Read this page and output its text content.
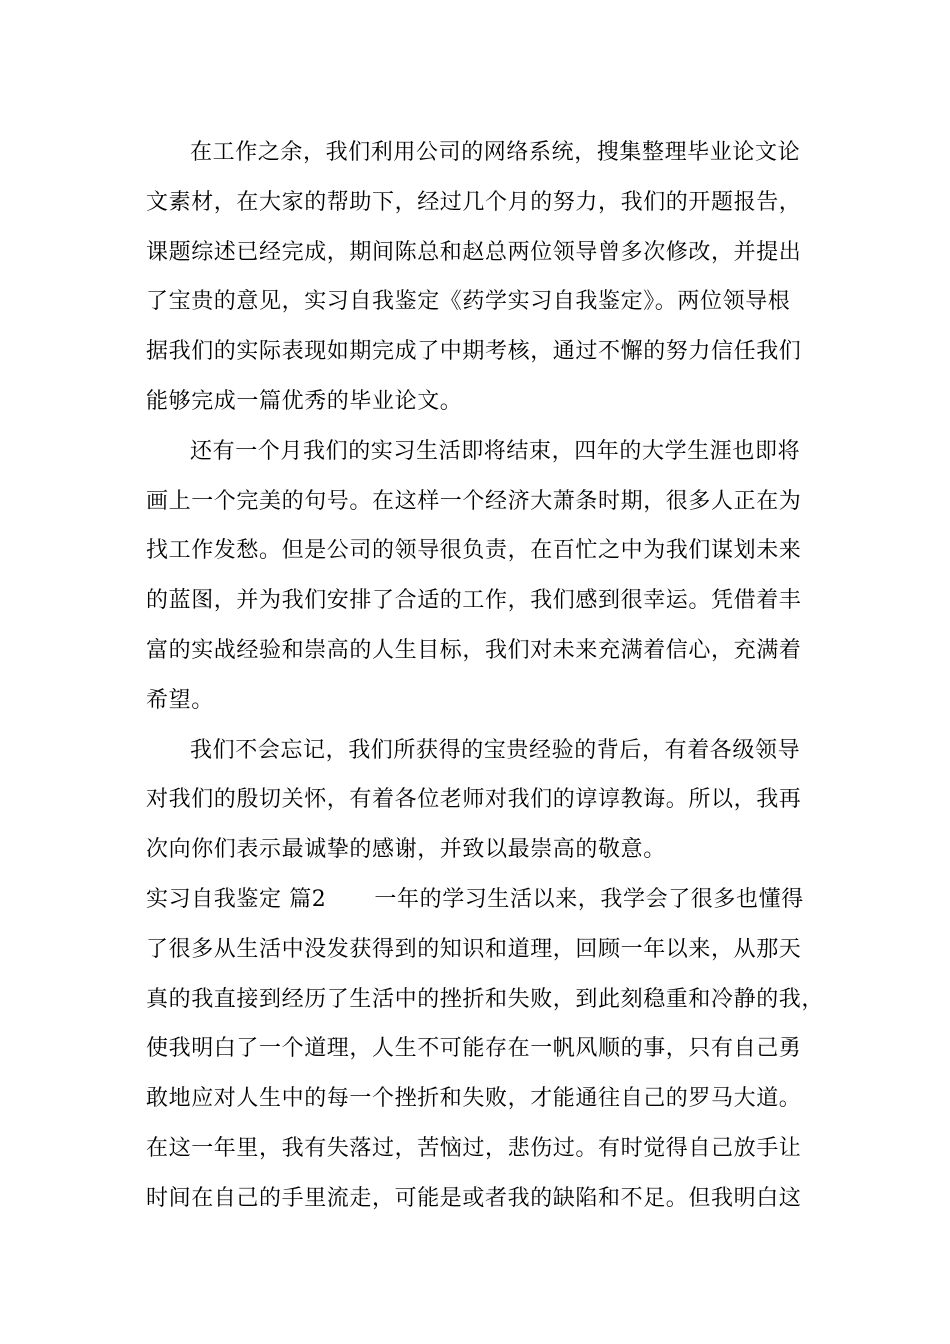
在工作之余，我们利用公司的网络系统，搜集整理毕业论文论
文素材，在大家的帮助下，经过几个月的努力，我们的开题报告，
课题综述已经完成，期间陈总和赵总两位领导曾多次修改，并提出
了宝贵的意见，实习自我鉴定《药学实习自我鉴定》。两位领导根
据我们的实际表现如期完成了中期考核，通过不懈的努力信任我们
能够完成一篇优秀的毕业论文。
还有一个月我们的实习生活即将结束，四年的大学生涯也即将
画上一个完美的句号。在这样一个经济大萧条时期，很多人正在为
找工作发愁。但是公司的领导很负责，在百忙之中为我们谋划未来
的蓝图，并为我们安排了合适的工作，我们感到很幸运。凭借着丰
富的实战经验和崇高的人生目标，我们对未来充满着信心，充满着
希望。
我们不会忘记，我们所获得的宝贵经验的背后，有着各级领导
对我们的殷切关怀，有着各位老师对我们的谆谆教诲。所以，我再
次向你们表示最诚挚的感谢，并致以最崇高的敬意。
实习自我鉴定 篇2 一年的学习生活以来，我学会了很多也懂得
了很多从生活中没发获得到的知识和道理，回顾一年以来，从那天
真的我直接到经历了生活中的挫折和失败，到此刻稳重和冷静的我，
使我明白了一个道理，人生不可能存在一帆风顺的事，只有自己勇
敢地应对人生中的每一个挫折和失败，才能通往自己的罗马大道。
在这一年里，我有失落过，苦恼过，悲伤过。有时觉得自己放手让
时间在自己的手里流走，可能是或者我的缺陷和不足。但我明白这
